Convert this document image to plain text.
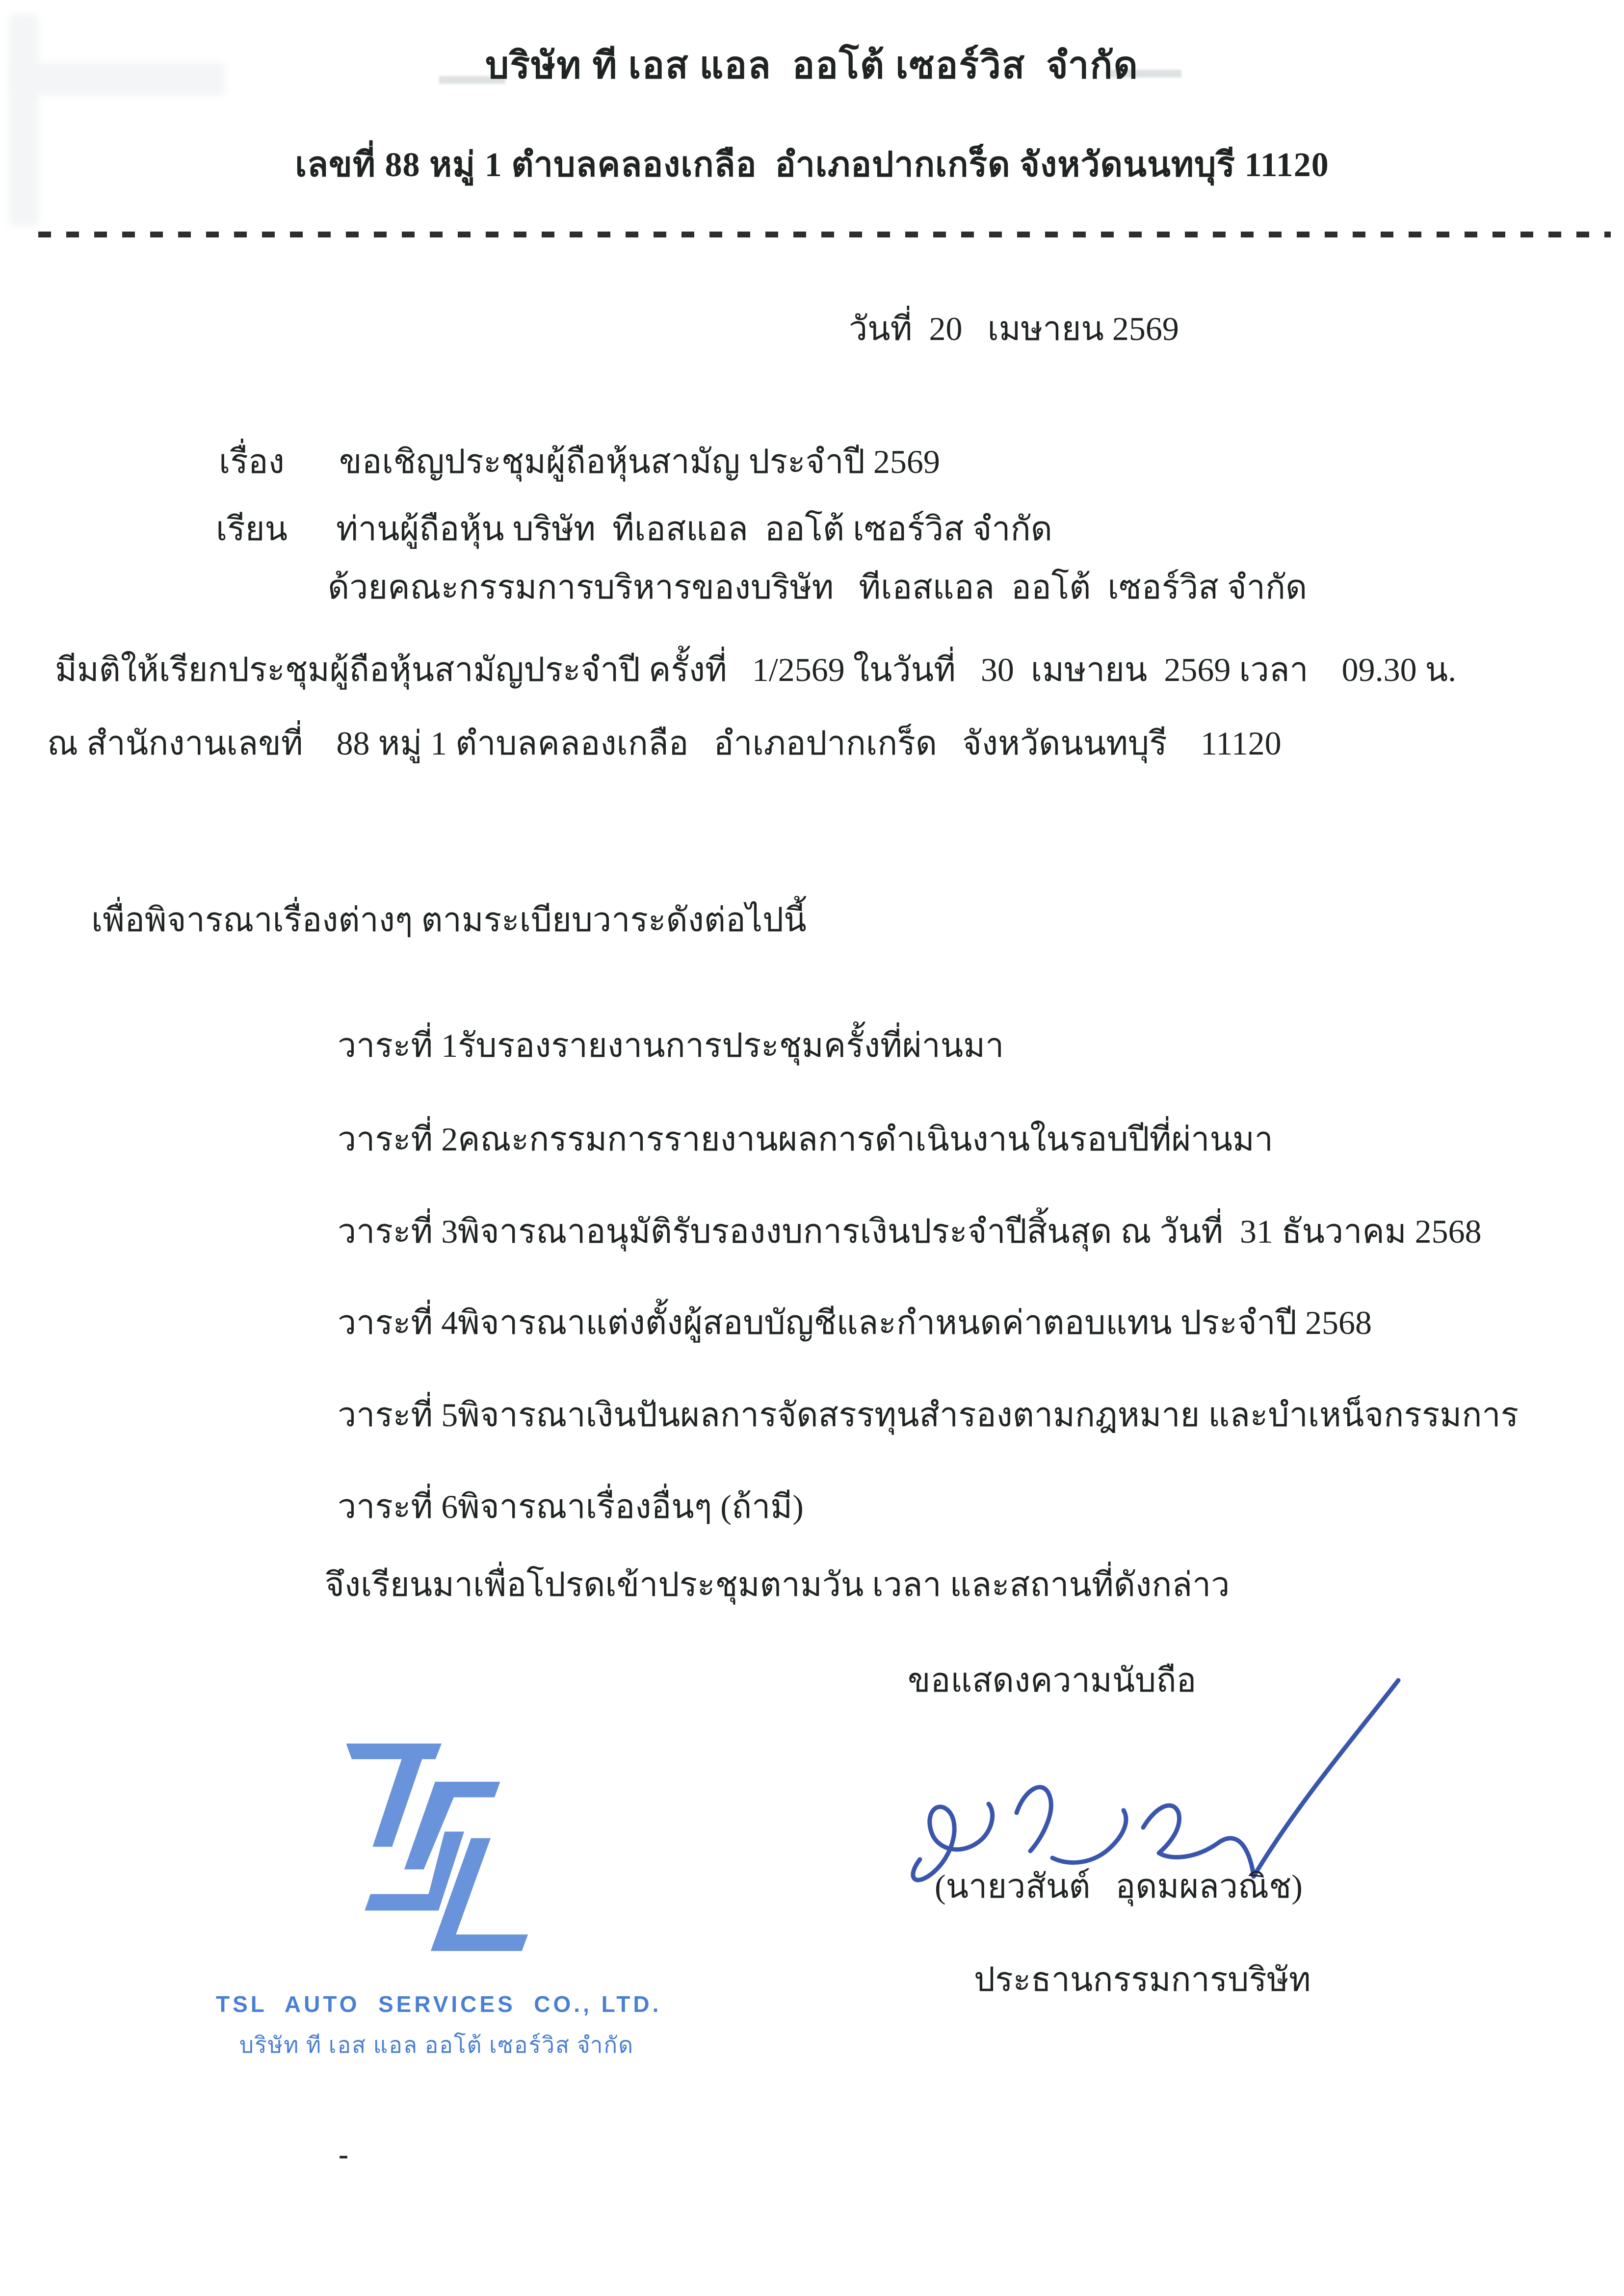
บริษัท ที เอส แอล  ออโต้ เซอร์วิส  จำกัด
เลขที่ 88 หมู่ 1 ตำบลคลองเกลือ  อำเภอปากเกร็ด จังหวัดนนทบุรี 11120
วันที่  20   เมษายน 2569

เรื่อง ขอเชิญประชุมผู้ถือหุ้นสามัญ ประจำปี 2569

เรียน ท่านผู้ถือหุ้น บริษัท  ทีเอสแอล  ออโต้ เซอร์วิส จำกัด

ด้วยคณะกรรมการบริหารของบริษัท   ทีเอสแอล  ออโต้  เซอร์วิส จำกัด
มีมติให้เรียกประชุมผู้ถือหุ้นสามัญประจำปี ครั้งที่   1/2569 ในวันที่   30  เมษายน  2569 เวลา    09.30 น.
ณ สำนักงานเลขที่    88 หมู่ 1 ตำบลคลองเกลือ   อำเภอปากเกร็ด   จังหวัดนนทบุรี    11120
เพื่อพิจารณาเรื่องต่างๆ ตามระเบียบวาระดังต่อไปนี้

วาระที่ 1รับรองรายงานการประชุมครั้งที่ผ่านมา

วาระที่ 2คณะกรรมการรายงานผลการดำเนินงานในรอบปีที่ผ่านมา

วาระที่ 3พิจารณาอนุมัติรับรองงบการเงินประจำปีสิ้นสุด ณ วันที่  31 ธันวาคม 2568

วาระที่ 4พิจารณาแต่งตั้งผู้สอบบัญชีและกำหนดค่าตอบแทน ประจำปี 2568

วาระที่ 5พิจารณาเงินปันผลการจัดสรรทุนสำรองตามกฎหมาย และบำเหน็จกรรมการ

วาระที่ 6พิจารณาเรื่องอื่นๆ (ถ้ามี)

จึงเรียนมาเพื่อโปรดเข้าประชุมตามวัน เวลา และสถานที่ดังกล่าว
ขอแสดงความนับถือ
(นายวสันต์   อุดมผลวณิช)
ประธานกรรมการบริษัท
TSL  AUTO  SERVICES  CO., LTD.
บริษัท ที เอส แอล ออโต้ เซอร์วิส จำกัด
-
